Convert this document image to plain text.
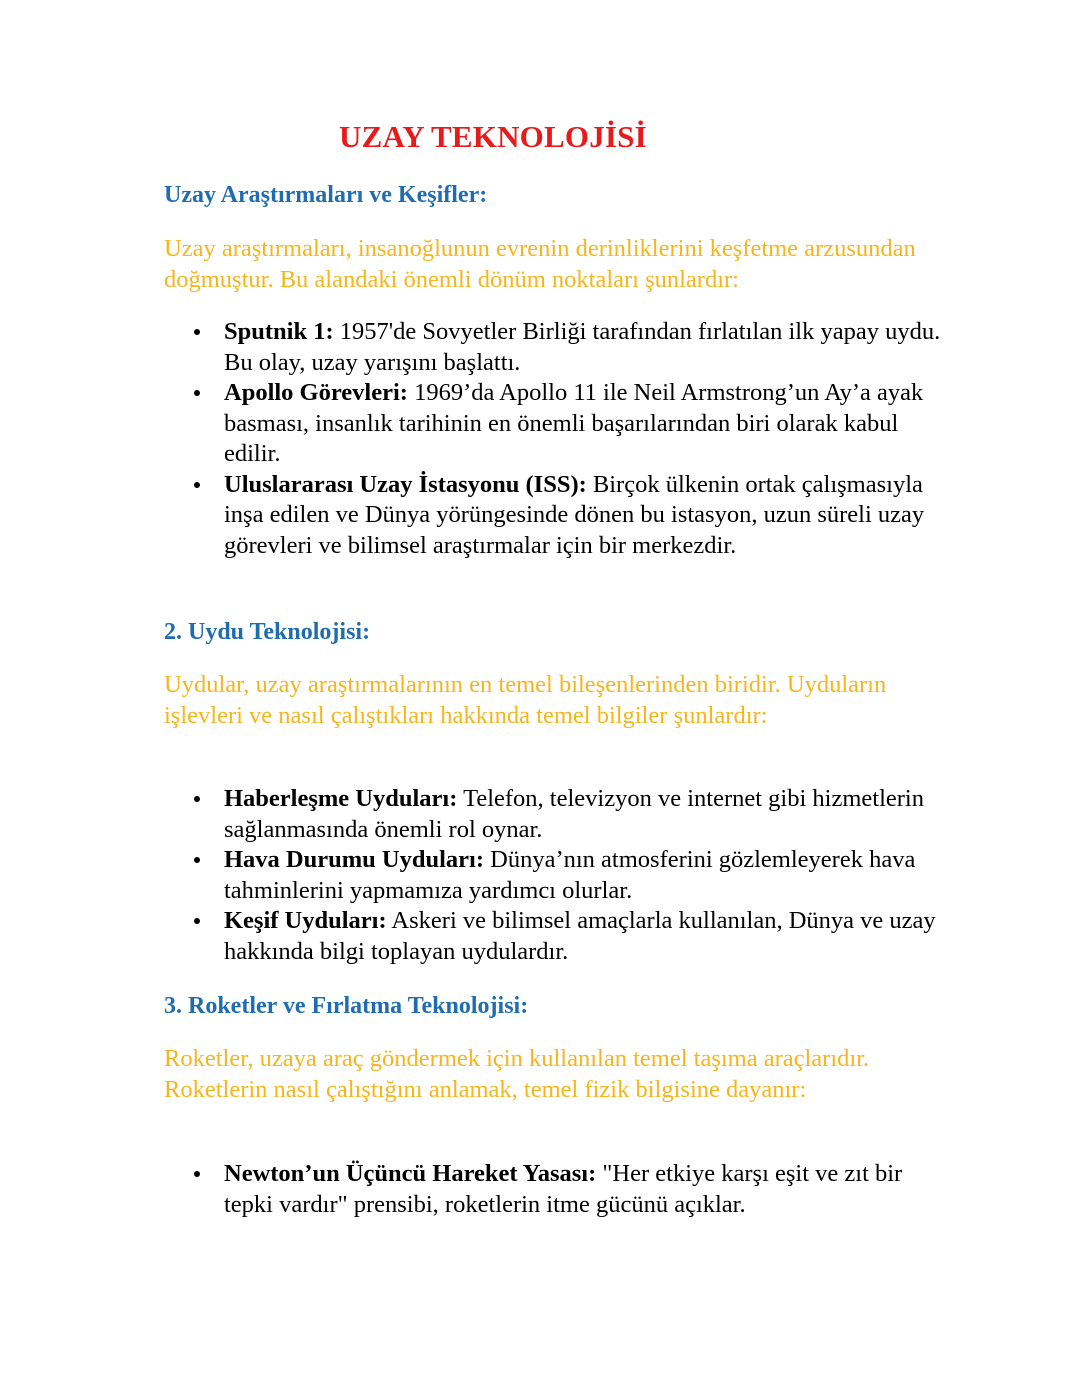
UZAY TEKNOLOJİSİ
Uzay Araştırmaları ve Keşifler:

Uzay araştırmaları, insanoğlunun evrenin derinliklerini keşfetme arzusundan doğmuştur. Bu alandaki önemli dönüm noktaları şunlardır:

Sputnik 1: 1957'de Sovyetler Birliği tarafından fırlatılan ilk yapay uydu. Bu olay, uzay yarışını başlattı.
Apollo Görevleri: 1969’da Apollo 11 ile Neil Armstrong’un Ay’a ayak basması, insanlık tarihinin en önemli başarılarından biri olarak kabul edilir.
Uluslararası Uzay İstasyonu (ISS): Birçok ülkenin ortak çalışmasıyla inşa edilen ve Dünya yörüngesinde dönen bu istasyon, uzun süreli uzay görevleri ve bilimsel araştırmalar için bir merkezdir.
2. Uydu Teknolojisi:

Uydular, uzay araştırmalarının en temel bileşenlerinden biridir. Uyduların işlevleri ve nasıl çalıştıkları hakkında temel bilgiler şunlardır:

Haberleşme Uyduları: Telefon, televizyon ve internet gibi hizmetlerin sağlanmasında önemli rol oynar.
Hava Durumu Uyduları: Dünya’nın atmosferini gözlemleyerek hava tahminlerini yapmamıza yardımcı olurlar.
Keşif Uyduları: Askeri ve bilimsel amaçlarla kullanılan, Dünya ve uzay hakkında bilgi toplayan uydulardır.
3. Roketler ve Fırlatma Teknolojisi:

Roketler, uzaya araç göndermek için kullanılan temel taşıma araçlarıdır. Roketlerin nasıl çalıştığını anlamak, temel fizik bilgisine dayanır:

Newton’un Üçüncü Hareket Yasası: "Her etkiye karşı eşit ve zıt bir tepki vardır" prensibi, roketlerin itme gücünü açıklar.
